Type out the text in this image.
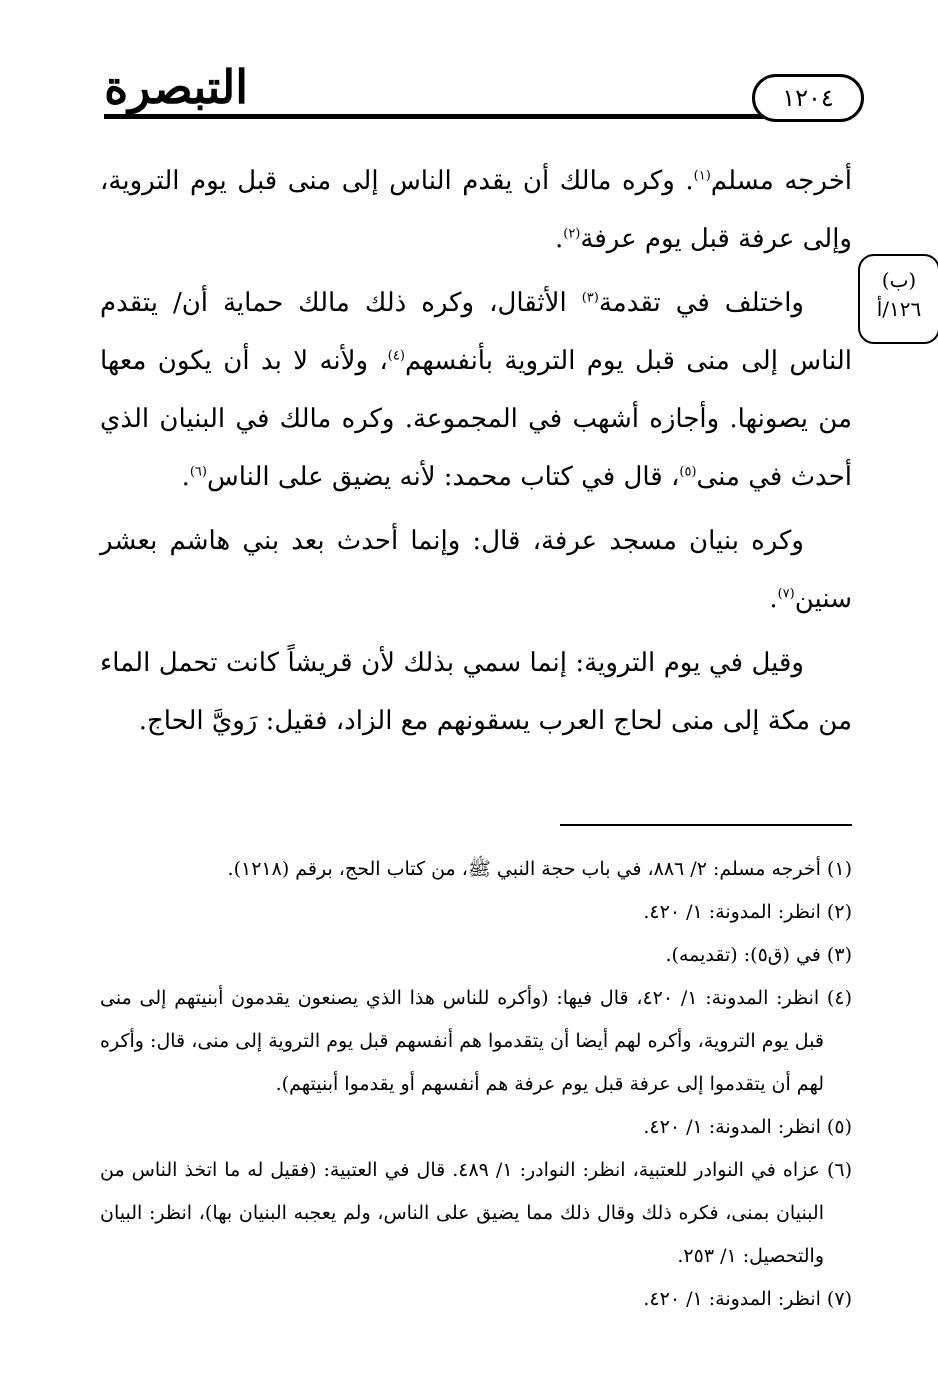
التبصرة	١٢٠٤
(ب)
١٢٦/أ

أخرجه مسلم$^{(١)}$. وكره مالك أن يقدم الناس إلى منى قبل يوم التروية، وإلى عرفة قبل يوم عرفة$^{(٢)}$.

واختلف في تقدمة$^{(٣)}$ الأثقال، وكره ذلك مالك حماية أن/ يتقدم الناس إلى منى قبل يوم التروية بأنفسهم$^{(٤)}$، ولأنه لا بد أن يكون معها من يصونها. وأجازه أشهب في المجموعة. وكره مالك في البنيان الذي أحدث في منى$^{(٥)}$، قال في كتاب محمد: لأنه يضيق على الناس$^{(٦)}$.

وكره بنيان مسجد عرفة، قال: وإنما أحدث بعد بني هاشم بعشر سنين$^{(٧)}$.

وقيل في يوم التروية: إنما سمي بذلك لأن قريشاً كانت تحمل الماء من مكة إلى منى لحاج العرب يسقونهم مع الزاد، فقيل: رَويَّ الحاج.

(١) أخرجه مسلم: ٢/ ٨٨٦، في باب حجة النبي ﷺ، من كتاب الحج، برقم (١٢١٨).

(٢) انظر: المدونة: ١/ ٤٢٠.

(٣) في (ق٥): (تقديمه).

(٤) انظر: المدونة: ١/ ٤٢٠، قال فيها: (وأكره للناس هذا الذي يصنعون يقدمون أبنيتهم إلى منى قبل يوم التروية، وأكره لهم أيضا أن يتقدموا هم أنفسهم قبل يوم التروية إلى منى، قال: وأكره لهم أن يتقدموا إلى عرفة قبل يوم عرفة هم أنفسهم أو يقدموا أبنيتهم).

(٥) انظر: المدونة: ١/ ٤٢٠.

(٦) عزاه في النوادر للعتبية، انظر: النوادر: ١/ ٤٨٩. قال في العتبية: (فقيل له ما اتخذ الناس من البنيان بمنى، فكره ذلك وقال ذلك مما يضيق على الناس، ولم يعجبه البنيان بها)، انظر: البيان والتحصيل: ١/ ٢٥٣.

(٧) انظر: المدونة: ١/ ٤٢٠.
